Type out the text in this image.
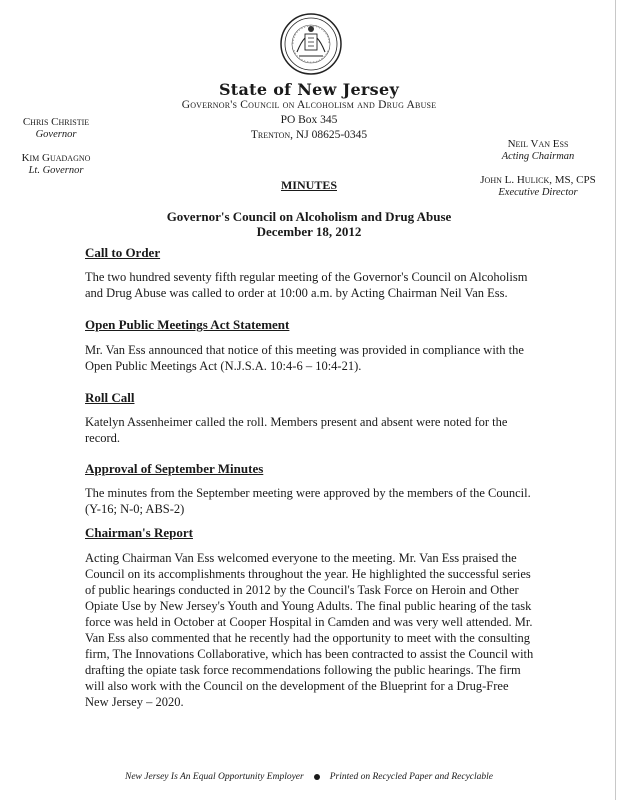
State of New Jersey
Governor's Council on Alcoholism and Drug Abuse
PO Box 345
Trenton, NJ 08625-0345
Chris Christie
Governor
Kim Guadagno
Lt. Governor
Neil Van Ess
Acting Chairman
John L. Hulick, MS, CPS
Executive Director
MINUTES
Governor's Council on Alcoholism and Drug Abuse
December 18, 2012
Call to Order
The two hundred seventy fifth regular meeting of the Governor's Council on Alcoholism and Drug Abuse was called to order at 10:00 a.m. by Acting Chairman Neil Van Ess.
Open Public Meetings Act Statement
Mr. Van Ess announced that notice of this meeting was provided in compliance with the Open Public Meetings Act (N.J.S.A. 10:4-6 – 10:4-21).
Roll Call
Katelyn Assenheimer called the roll. Members present and absent were noted for the record.
Approval of September Minutes
The minutes from the September meeting were approved by the members of the Council. (Y-16; N-0; ABS-2)
Chairman's Report
Acting Chairman Van Ess welcomed everyone to the meeting. Mr. Van Ess praised the Council on its accomplishments throughout the year. He highlighted the successful series of public hearings conducted in 2012 by the Council's Task Force on Heroin and Other Opiate Use by New Jersey's Youth and Young Adults. The final public hearing of the task force was held in October at Cooper Hospital in Camden and was very well attended. Mr. Van Ess also commented that he recently had the opportunity to meet with the consulting firm, The Innovations Collaborative, which has been contracted to assist the Council with drafting the opiate task force recommendations following the public hearings. The firm will also work with the Council on the development of the Blueprint for a Drug-Free New Jersey – 2020.
New Jersey Is An Equal Opportunity Employer	Printed on Recycled Paper and Recyclable
